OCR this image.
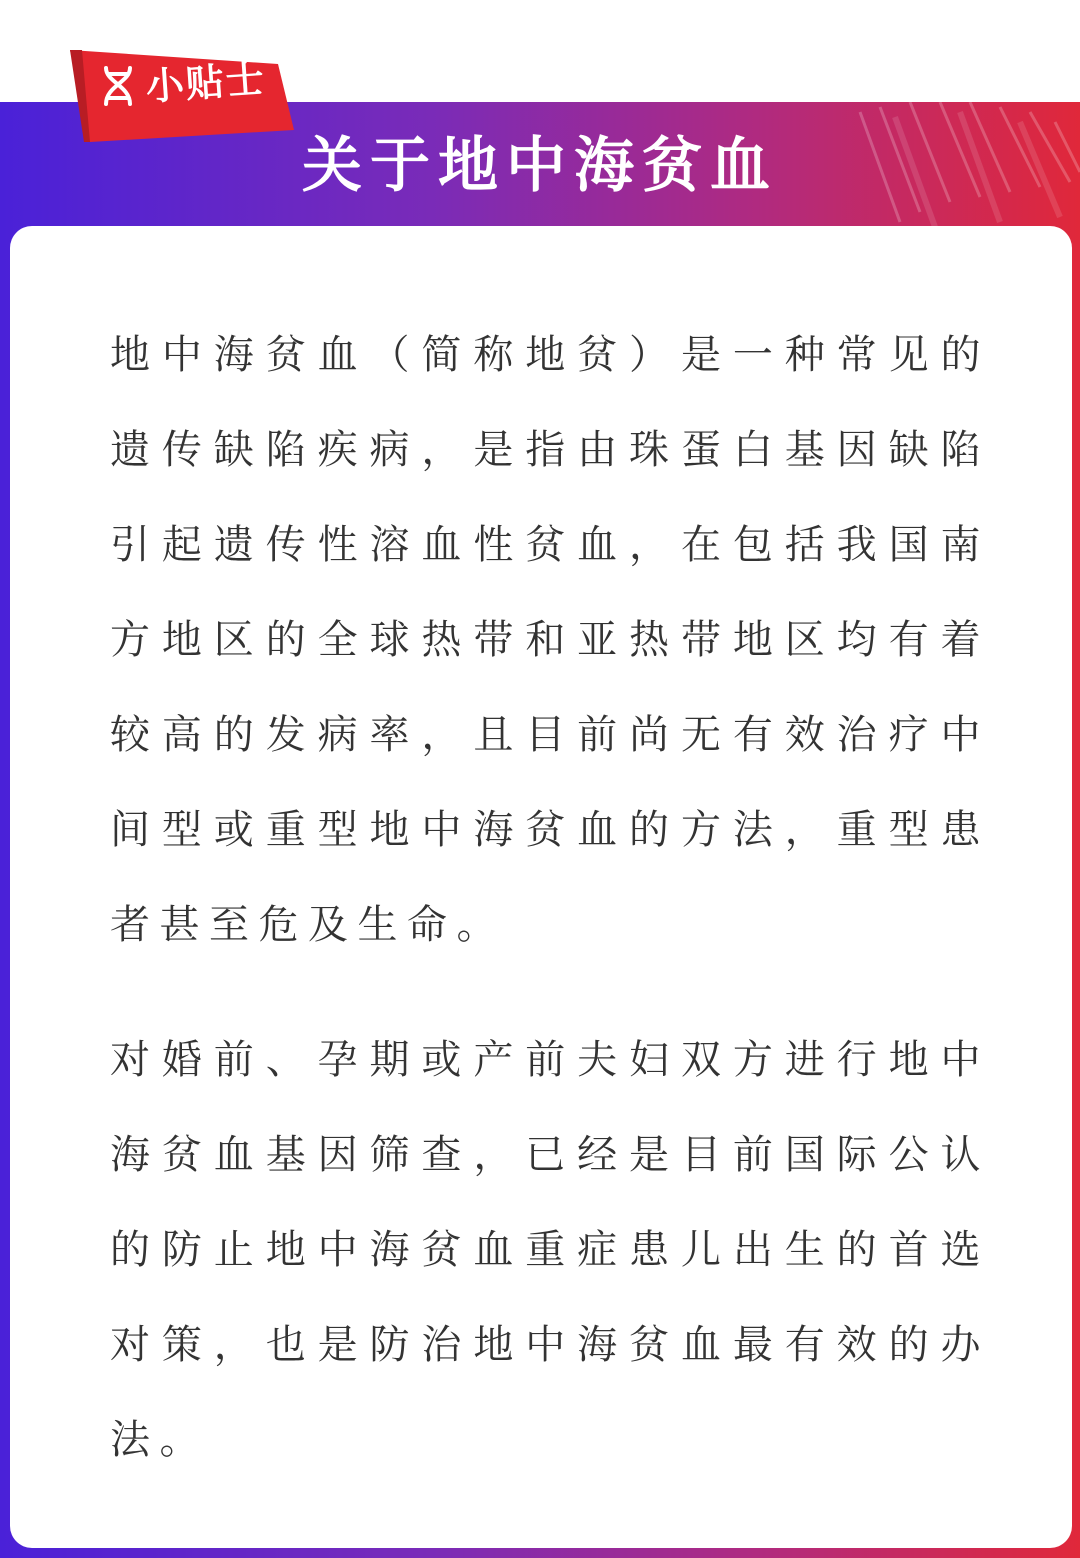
关于地中海贫血
小贴士

地中海贫血（简称地贫）是一种常见的遗传缺陷疾病，是指由珠蛋白基因缺陷引起遗传性溶血性贫血，在包括我国南方地区的全球热带和亚热带地区均有着较高的发病率，且目前尚无有效治疗中间型或重型地中海贫血的方法，重型患者甚至危及生命。

对婚前、孕期或产前夫妇双方进行地中海贫血基因筛查，已经是目前国际公认的防止地中海贫血重症患儿出生的首选对策，也是防治地中海贫血最有效的办法。
